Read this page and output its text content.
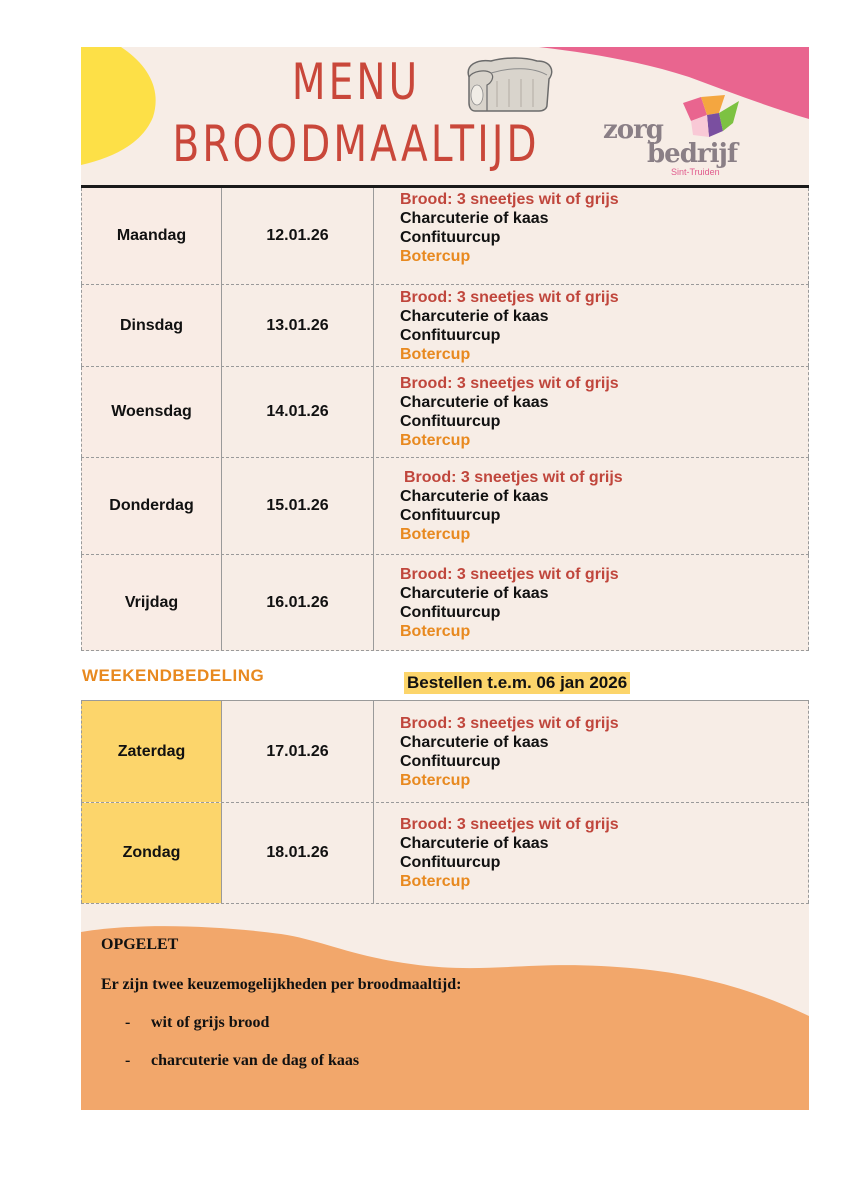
MENU
BROODMAALTIJD	zorg
bedrijf
Sint-Truiden
Maandag	12.01.26
Brood: 3 sneetjes wit of grijs
Charcuterie of kaas
Confituurcup
Botercup
Dinsdag	13.01.26
Brood: 3 sneetjes wit of grijs
Charcuterie of kaas
Confituurcup
Botercup
Woensdag	14.01.26
Brood: 3 sneetjes wit of grijs
Charcuterie of kaas
Confituurcup
Botercup
Donderdag	15.01.26
Brood: 3 sneetjes wit of grijs
Charcuterie of kaas
Confituurcup
Botercup
Vrijdag	16.01.26
Brood: 3 sneetjes wit of grijs
Charcuterie of kaas
Confituurcup
Botercup
WEEKENDBEDELING	Bestellen t.e.m. 06 jan 2026
Zaterdag	17.01.26
Brood: 3 sneetjes wit of grijs
Charcuterie of kaas
Confituurcup
Botercup
Zondag	18.01.26
Brood: 3 sneetjes wit of grijs
Charcuterie of kaas
Confituurcup
Botercup
OPGELET
Er zijn twee keuzemogelijkheden per broodmaaltijd:
- wit of grijs brood
- charcuterie van de dag of kaas
